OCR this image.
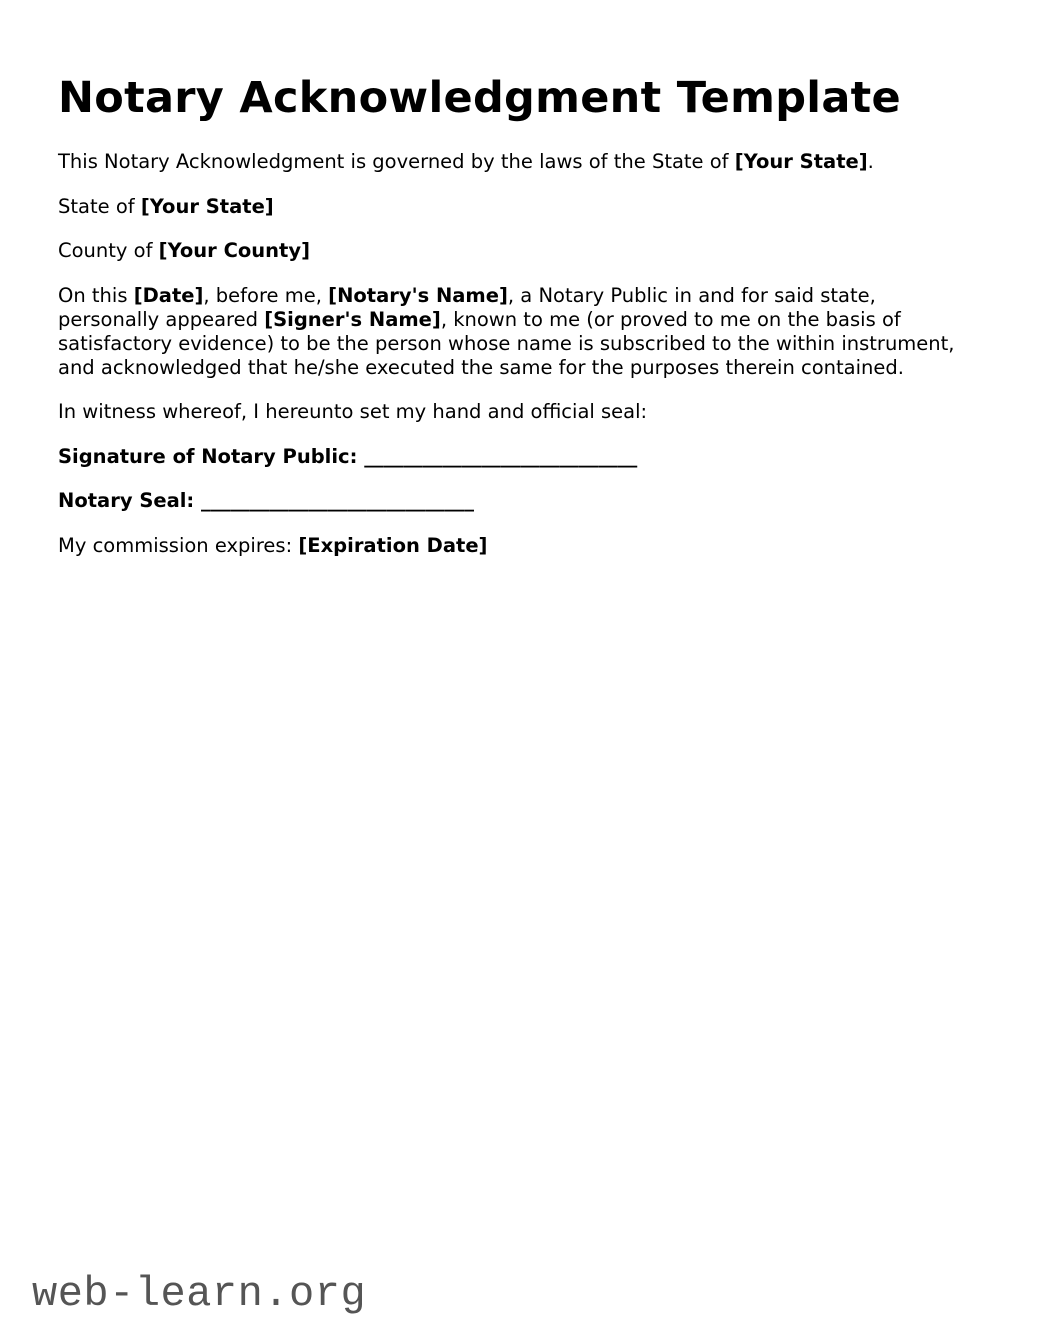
Notary Acknowledgment Template

This Notary Acknowledgment is governed by the laws of the State of [Your State].

State of [Your State]

County of [Your County]

On this [Date], before me, [Notary's Name], a Notary Public in and for said state, personally appeared [Signer's Name], known to me (or proved to me on the basis of satisfactory evidence) to be the person whose name is subscribed to the within instrument, and acknowledged that he/she executed the same for the purposes therein contained.

In witness whereof, I hereunto set my hand and official seal:

Signature of Notary Public: ____________________________

Notary Seal: ____________________________

My commission expires: [Expiration Date]

web-learn.org
